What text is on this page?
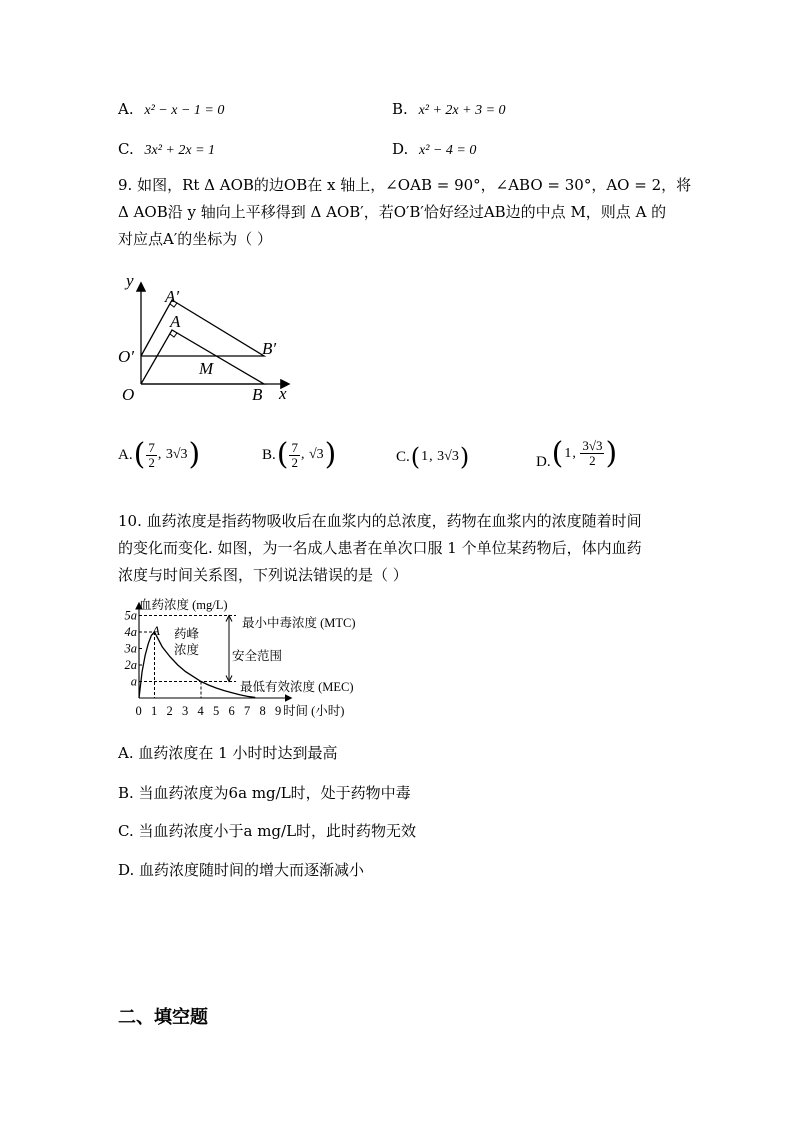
A. x² − x − 1 = 0	B. x² + 2x + 3 = 0
C. 3x² + 2x = 1	D. x² − 4 = 0
9. 如图，Rt Δ AOB的边OB在 x 轴上，∠OAB = 90°，∠ABO = 30°，AO = 2，将
Δ AOB沿 y 轴向上平移得到 Δ AOB′，若O′B′恰好经过AB边的中点 M，则点 A 的
对应点A′的坐标为（ ）
y
x
O
O′
A
A′
B
B′
M
A. ( $\frac{7}{2}$ , 3√3 )	B. ( $\frac{7}{2}$ , √3 )	C. ( 1 , 3√3 )	D. ( 1 , $\frac{3√3}{2}$ )
10. 血药浓度是指药物吸收后在血浆内的总浓度，药物在血浆内的浓度随着时间
的变化而变化. 如图，为一名成人患者在单次口服 1 个单位某药物后，体内血药
浓度与时间关系图，下列说法错误的是（ ）
0 1 2 3 4 5 6 7 8 9
a
2a
3a
4a
5a
血药浓度 (mg/L)
时间 (小时)
最小中毒浓度 (MTC)
最低有效浓度 (MEC)
安全范围
药峰
浓度
A
A. 血药浓度在 1 小时时达到最高
B. 当血药浓度为6a mg/L时，处于药物中毒
C. 当血药浓度小于a mg/L时，此时药物无效
D. 血药浓度随时间的增大而逐渐减小
二、填空题
